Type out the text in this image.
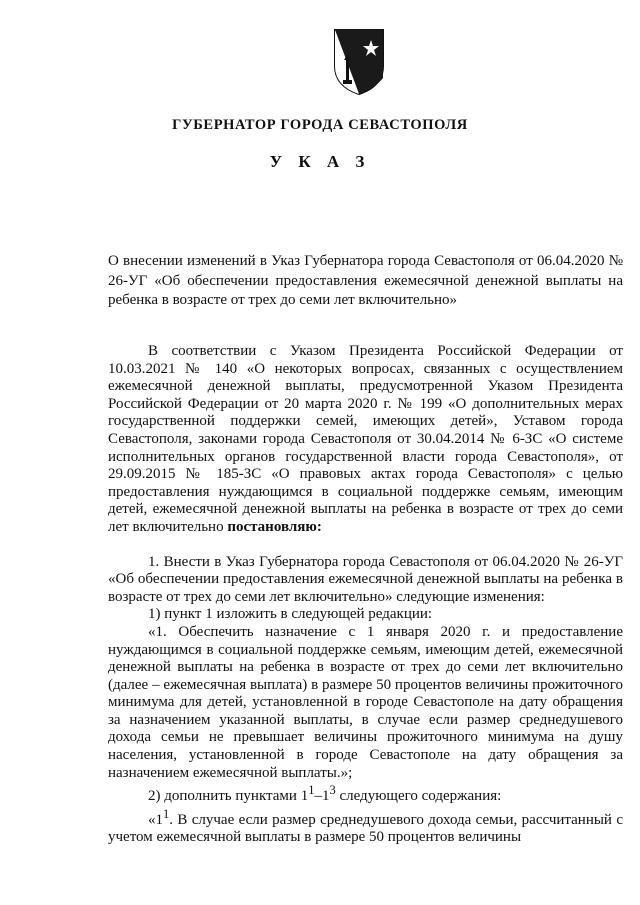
ГУБЕРНАТОР ГОРОДА СЕВАСТОПОЛЯ
У К А З
О внесении изменений в Указ Губернатора города Севастополя от 06.04.2020 № 26-УГ «Об обеспечении предоставления ежемесячной денежной выплаты на ребенка в возрасте от трех до семи лет включительно»

В соответствии с Указом Президента Российской Федерации от 10.03.2021 № 140 «О некоторых вопросах, связанных с осуществлением ежемесячной денежной выплаты, предусмотренной Указом Президента Российской Федерации от 20 марта 2020 г. № 199 «О дополнительных мерах государственной поддержки семей, имеющих детей», Уставом города Севастополя, законами города Севастополя от 30.04.2014 № 6-ЗС «О системе исполнительных органов государственной власти города Севастополя», от 29.09.2015 № 185-ЗС «О правовых актах города Севастополя» с целью предоставления нуждающимся в социальной поддержке семьям, имеющим детей, ежемесячной денежной выплаты на ребенка в возрасте от трех до семи лет включительно постановляю:

1. Внести в Указ Губернатора города Севастополя от 06.04.2020 № 26-УГ «Об обеспечении предоставления ежемесячной денежной выплаты на ребенка в возрасте от трех до семи лет включительно» следующие изменения:

1) пункт 1 изложить в следующей редакции:

«1. Обеспечить назначение с 1 января 2020 г. и предоставление нуждающимся в социальной поддержке семьям, имеющим детей, ежемесячной денежной выплаты на ребенка в возрасте от трех до семи лет включительно (далее – ежемесячная выплата) в размере 50 процентов величины прожиточного минимума для детей, установленной в городе Севастополе на дату обращения за назначением указанной выплаты, в случае если размер среднедушевого дохода семьи не превышает величины прожиточного минимума на душу населения, установленной в городе Севастополе на дату обращения за назначением ежемесячной выплаты.»;

2) дополнить пунктами $1^1-1^3$ следующего содержания:

«$1^1$. В случае если размер среднедушевого дохода семьи, рассчитанный с учетом ежемесячной выплаты в размере 50 процентов величины
